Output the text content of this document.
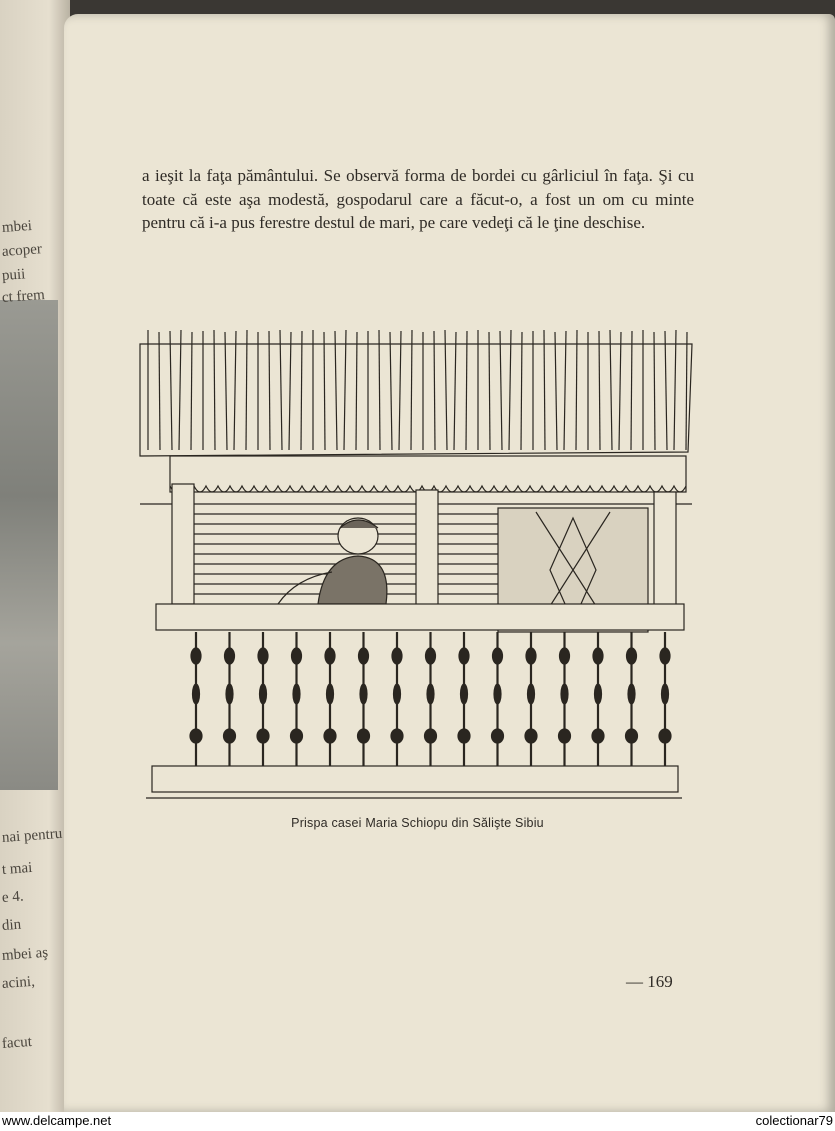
puii
mbei
acoper
ct frem
nai pentru
t mai
e 4.
din
mbei aş
acini,
facut

a ieşit la faţa pământului. Se observă forma de bordei cu gârliciul în faţa. Şi cu toate că este aşa modestă, gospodarul care a făcut-o, a fost un om cu minte pentru că i-a pus ferestre destul de mari, pe care vedeţi că le ţine deschise.

Prispa casei Maria Schiopu din Sălişte Sibiu
— 169
www.delcampe.net	colectionar79
